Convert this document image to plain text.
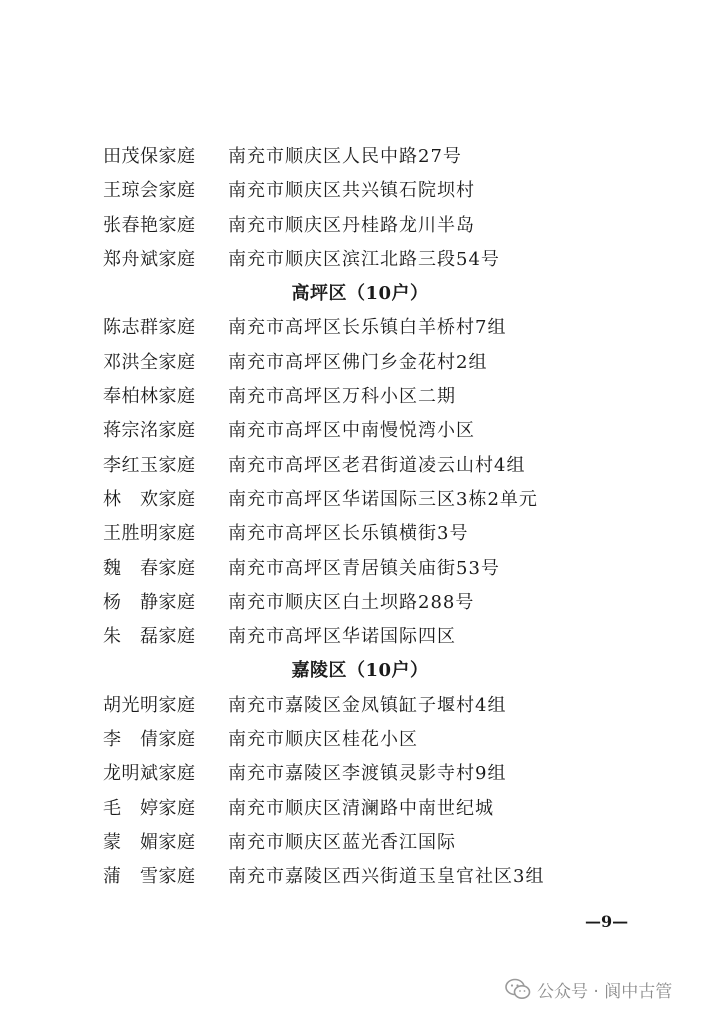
田茂保家庭 南充市顺庆区人民中路27号
王琼会家庭 南充市顺庆区共兴镇石院坝村
张春艳家庭 南充市顺庆区丹桂路龙川半岛
郑舟斌家庭 南充市顺庆区滨江北路三段54号
高坪区（10户）
陈志群家庭 南充市高坪区长乐镇白羊桥村7组
邓洪全家庭 南充市高坪区佛门乡金花村2组
奉柏林家庭 南充市高坪区万科小区二期
蒋宗洺家庭 南充市高坪区中南慢悦湾小区
李红玉家庭 南充市高坪区老君街道凌云山村4组
林　欢家庭 南充市高坪区华诺国际三区3栋2单元
王胜明家庭 南充市高坪区长乐镇横街3号
魏　春家庭 南充市高坪区青居镇关庙街53号
杨　静家庭 南充市顺庆区白土坝路288号
朱　磊家庭 南充市高坪区华诺国际四区
嘉陵区（10户）
胡光明家庭 南充市嘉陵区金凤镇缸子堰村4组
李　倩家庭 南充市顺庆区桂花小区
龙明斌家庭 南充市嘉陵区李渡镇灵影寺村9组
毛　婷家庭 南充市顺庆区清澜路中南世纪城
蒙　媚家庭 南充市顺庆区蓝光香江国际
蒲　雪家庭 南充市嘉陵区西兴街道玉皇官社区3组
—9—
公众号 · 阆中古管
